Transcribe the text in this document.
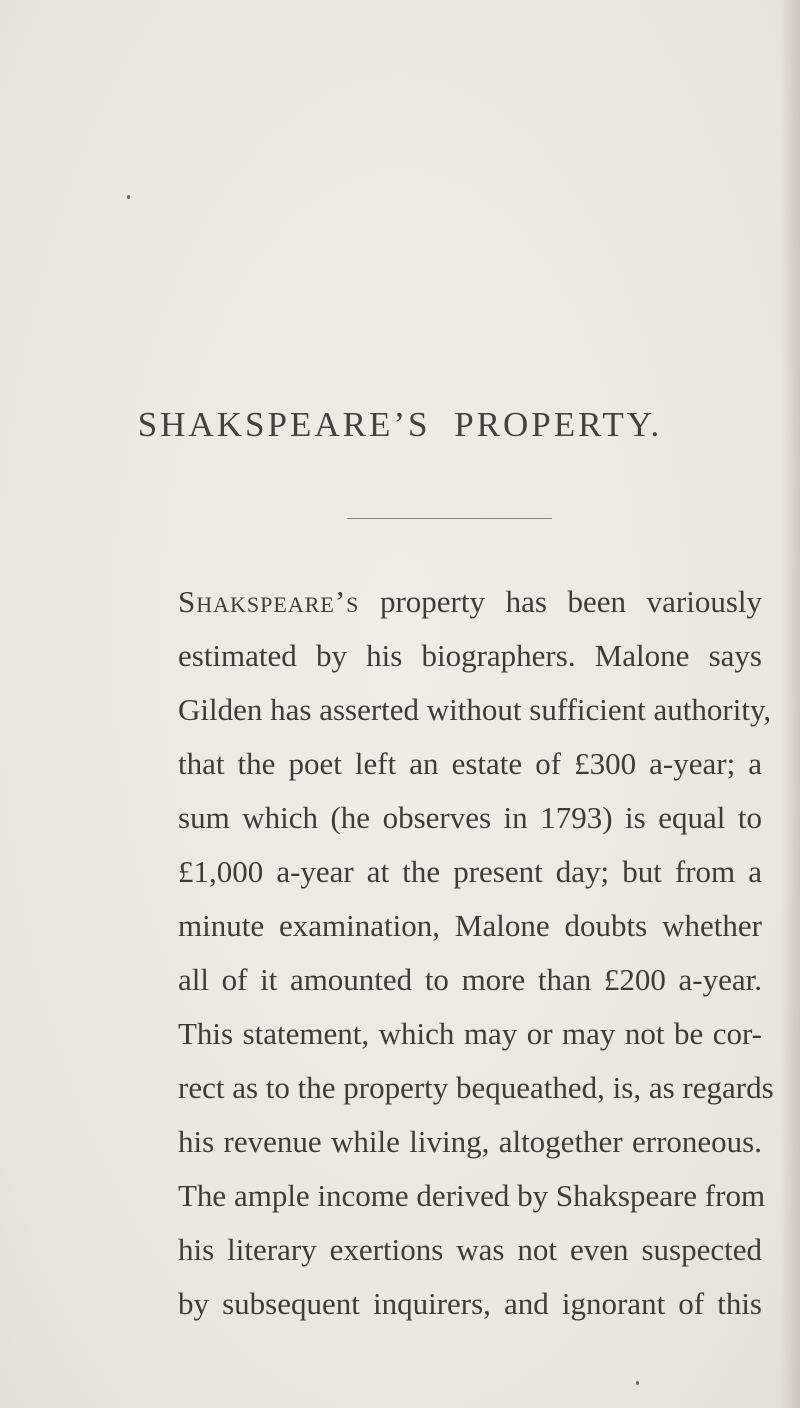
SHAKSPEARE’S PROPERTY.
Shakspeare’s property has been variously
estimated by his biographers. Malone says
Gilden has asserted without sufficient authority,
that the poet left an estate of £300 a-year; a
sum which (he observes in 1793) is equal to
£1,000 a-year at the present day; but from a
minute examination, Malone doubts whether
all of it amounted to more than £200 a-year.
This statement, which may or may not be cor-
rect as to the property bequeathed, is, as regards
his revenue while living, altogether erroneous.
The ample income derived by Shakspeare from
his literary exertions was not even suspected
by subsequent inquirers, and ignorant of this
